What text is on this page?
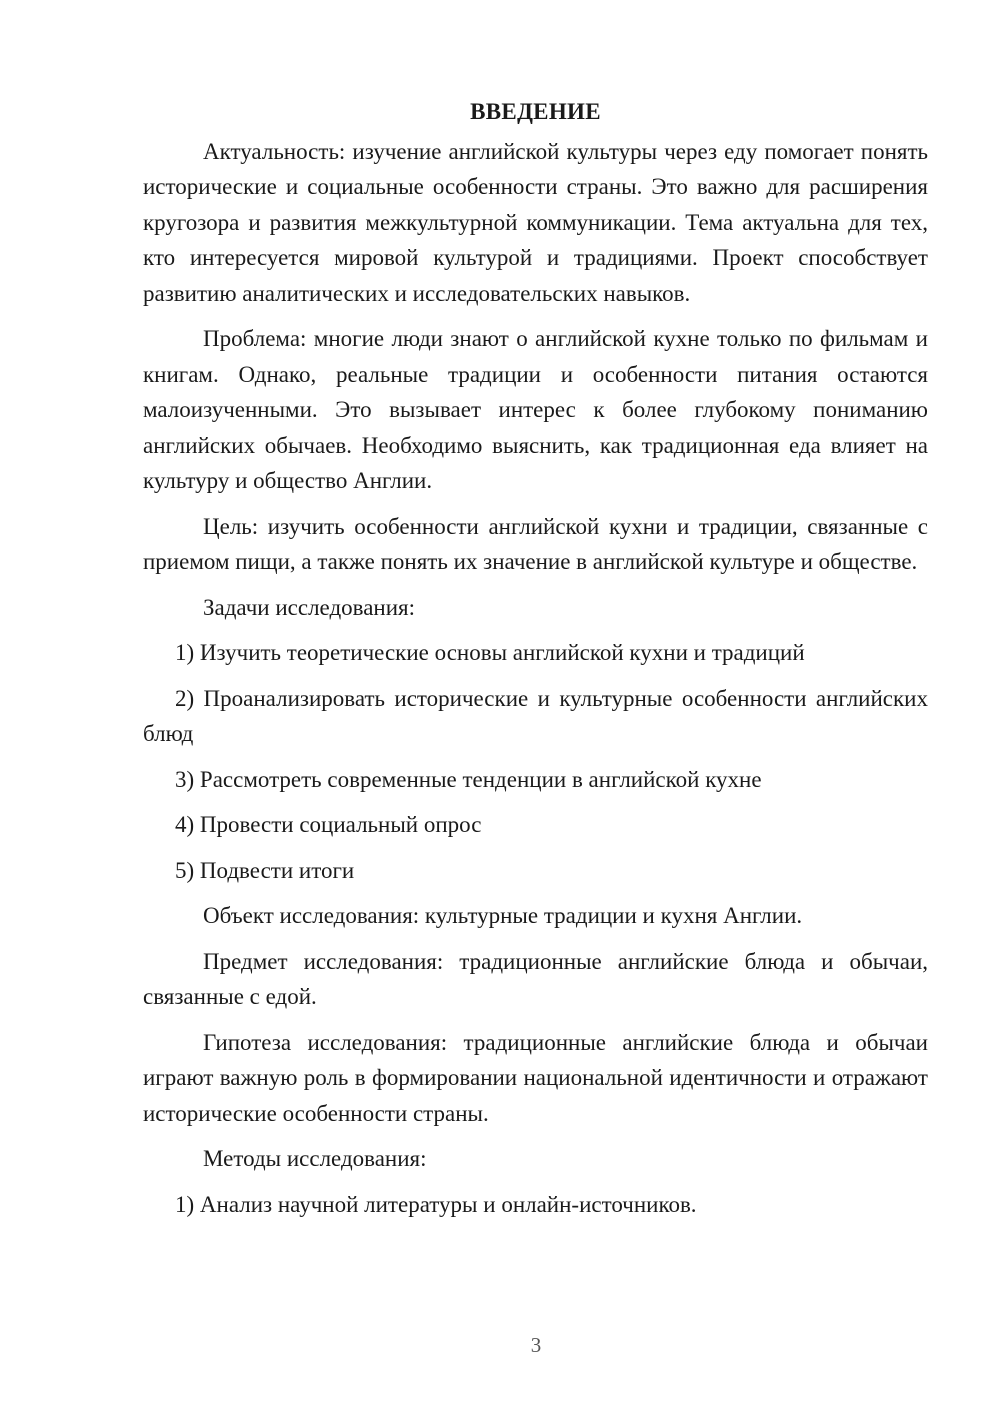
ВВЕДЕНИЕ

Актуальность: изучение английской культуры через еду помогает понять исторические и социальные особенности страны. Это важно для расширения кругозора и развития межкультурной коммуникации. Тема актуальна для тех, кто интересуется мировой культурой и традициями. Проект способствует развитию аналитических и исследовательских навыков.

Проблема: многие люди знают о английской кухне только по фильмам и книгам. Однако, реальные традиции и особенности питания остаются малоизученными. Это вызывает интерес к более глубокому пониманию английских обычаев. Необходимо выяснить, как традиционная еда влияет на культуру и общество Англии.

Цель: изучить особенности английской кухни и традиции, связанные с приемом пищи, а также понять их значение в английской культуре и обществе.

Задачи исследования:

1) Изучить теоретические основы английской кухни и традиций

2) Проанализировать исторические и культурные особенности английских блюд

3) Рассмотреть современные тенденции в английской кухне

4) Провести социальный опрос

5) Подвести итоги

Объект исследования: культурные традиции и кухня Англии.

Предмет исследования: традиционные английские блюда и обычаи, связанные с едой.

Гипотеза исследования: традиционные английские блюда и обычаи играют важную роль в формировании национальной идентичности и отражают исторические особенности страны.

Методы исследования:

1) Анализ научной литературы и онлайн-источников.

3
